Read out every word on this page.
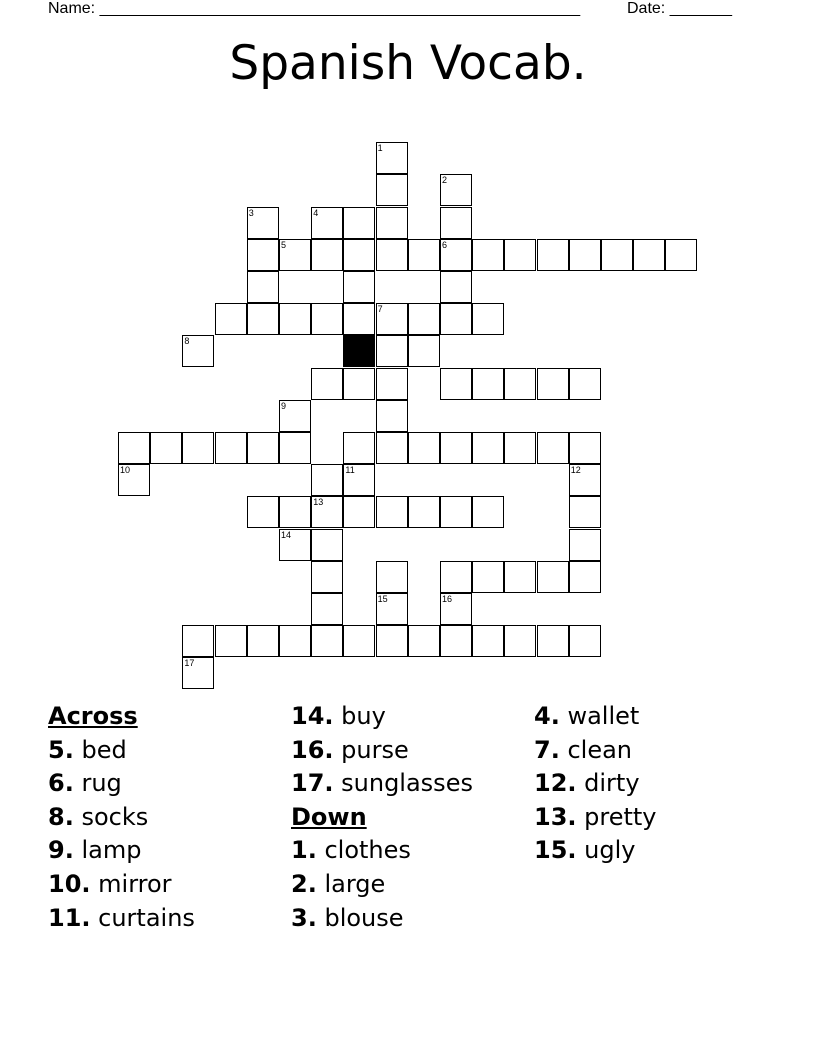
Name: ______________________________________________________	Date: _______
Spanish Vocab.
1
2
6
3
7
12
13
15
4
5
8
9
10	11
14
16
17
Across
5. bed
6. rug
8. socks
9. lamp
10. mirror
11. curtains
14. buy
16. purse
17. sunglasses
Down
1. clothes
2. large
3. blouse
4. wallet
7. clean
12. dirty
13. pretty
15. ugly
